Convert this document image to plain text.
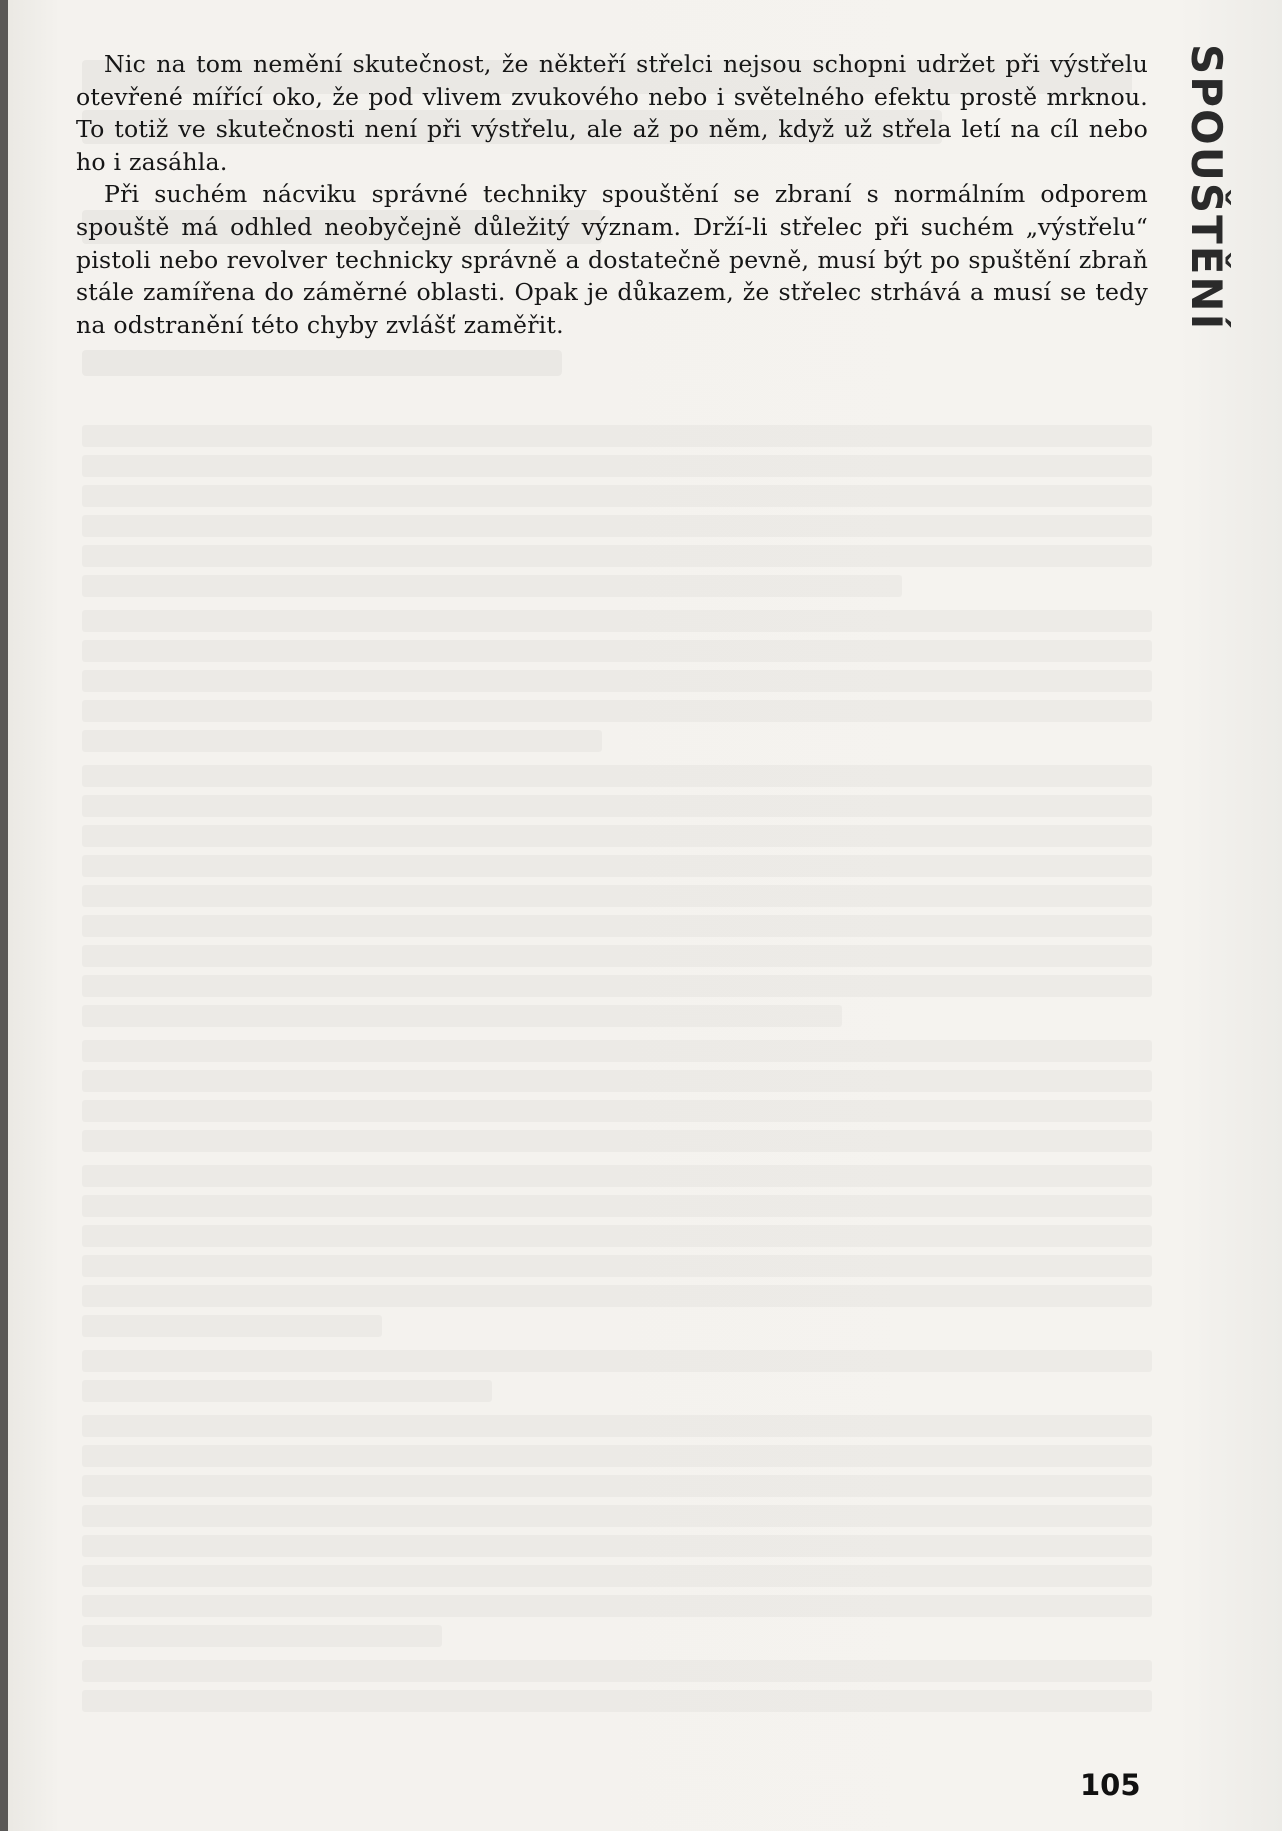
Nic na tom nemění skutečnost, že někteří střelci nejsou schopni udržet při výstřelu otevřené mířící oko, že pod vlivem zvukového nebo i světelného efektu prostě mrknou. To totiž ve skutečnosti není při výstřelu, ale až po něm, když už střela letí na cíl nebo ho i zasáhla.

Při suchém nácviku správné techniky spouštění se zbraní s normálním odporem spouště má odhled neobyčejně důležitý význam. Drží-li střelec při suchém „výstřelu“ pistoli nebo revolver technicky správně a dostatečně pevně, musí být po spuštění zbraň stále zamířena do záměrné oblasti. Opak je důkazem, že střelec strhává a musí se tedy na odstranění této chyby zvlášť zaměřit.	SPOUŠTĚNÍ
105
